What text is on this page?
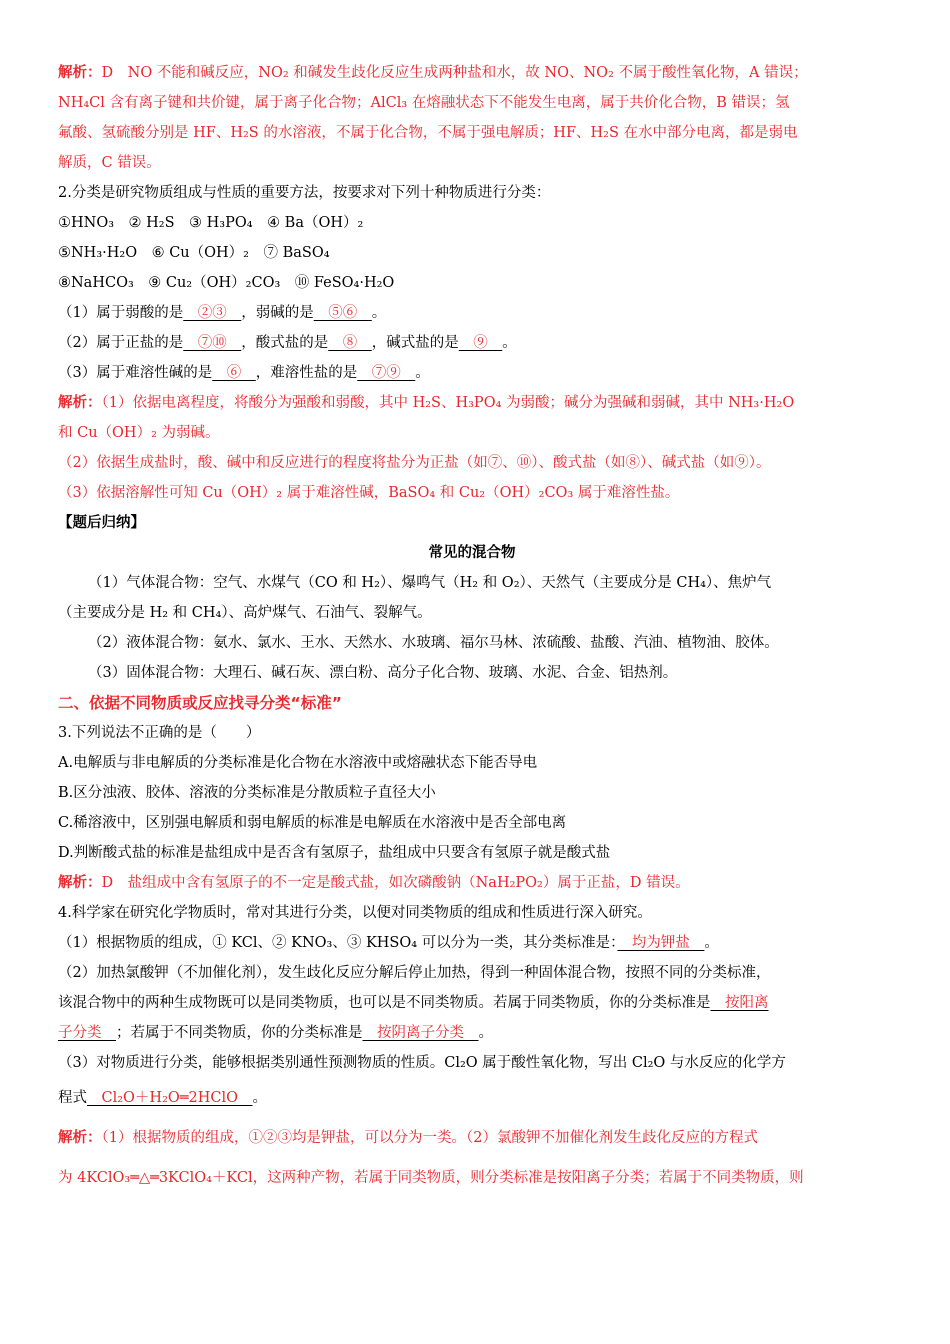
解析：D　NO 不能和碱反应，NO₂ 和碱发生歧化反应生成两种盐和水，故 NO、NO₂ 不属于酸性氧化物，A 错误；
NH₄Cl 含有离子键和共价键，属于离子化合物；AlCl₃ 在熔融状态下不能发生电离，属于共价化合物，B 错误；氢
氟酸、氢硫酸分别是 HF、H₂S 的水溶液，不属于化合物，不属于强电解质；HF、H₂S 在水中部分电离，都是弱电
解质，C 错误。
2.分类是研究物质组成与性质的重要方法，按要求对下列十种物质进行分类：
①HNO₃　② H₂S　③ H₃PO₄　④ Ba（OH）₂
⑤NH₃·H₂O　⑥ Cu（OH）₂　⑦ BaSO₄
⑧NaHCO₃　⑨ Cu₂（OH）₂CO₃　⑩ FeSO₄·H₂O
（1）属于弱酸的是　②③　，弱碱的是　⑤⑥　。
（2）属于正盐的是　⑦⑩　，酸式盐的是　⑧　，碱式盐的是　⑨　。
（3）属于难溶性碱的是　⑥　，难溶性盐的是　⑦⑨　。
解析：（1）依据电离程度，将酸分为强酸和弱酸，其中 H₂S、H₃PO₄ 为弱酸；碱分为强碱和弱碱，其中 NH₃·H₂O
和 Cu（OH）₂ 为弱碱。
（2）依据生成盐时，酸、碱中和反应进行的程度将盐分为正盐（如⑦、⑩）、酸式盐（如⑧）、碱式盐（如⑨）。
（3）依据溶解性可知 Cu（OH）₂ 属于难溶性碱，BaSO₄ 和 Cu₂（OH）₂CO₃ 属于难溶性盐。
【题后归纳】
常见的混合物
（1）气体混合物：空气、水煤气（CO 和 H₂）、爆鸣气（H₂ 和 O₂）、天然气（主要成分是 CH₄）、焦炉气
（主要成分是 H₂ 和 CH₄）、高炉煤气、石油气、裂解气。
（2）液体混合物：氨水、氯水、王水、天然水、水玻璃、福尔马林、浓硫酸、盐酸、汽油、植物油、胶体。
（3）固体混合物：大理石、碱石灰、漂白粉、高分子化合物、玻璃、水泥、合金、铝热剂。
二、依据不同物质或反应找寻分类“标准”
3.下列说法不正确的是（　　）
A.电解质与非电解质的分类标准是化合物在水溶液中或熔融状态下能否导电
B.区分浊液、胶体、溶液的分类标准是分散质粒子直径大小
C.稀溶液中，区别强电解质和弱电解质的标准是电解质在水溶液中是否全部电离
D.判断酸式盐的标准是盐组成中是否含有氢原子，盐组成中只要含有氢原子就是酸式盐
解析：D　盐组成中含有氢原子的不一定是酸式盐，如次磷酸钠（NaH₂PO₂）属于正盐，D 错误。
4.科学家在研究化学物质时，常对其进行分类，以便对同类物质的组成和性质进行深入研究。
（1）根据物质的组成，① KCl、② KNO₃、③ KHSO₄ 可以分为一类，其分类标准是：　均为钾盐　。
（2）加热氯酸钾（不加催化剂），发生歧化反应分解后停止加热，得到一种固体混合物，按照不同的分类标准，
该混合物中的两种生成物既可以是同类物质，也可以是不同类物质。若属于同类物质，你的分类标准是　按阳离
子分类　；若属于不同类物质，你的分类标准是　按阴离子分类　。
（3）对物质进行分类，能够根据类别通性预测物质的性质。Cl₂O 属于酸性氧化物，写出 Cl₂O 与水反应的化学方
程式　Cl₂O＋H₂O═2HClO　。
解析：（1）根据物质的组成，①②③均是钾盐，可以分为一类。（2）氯酸钾不加催化剂发生歧化反应的方程式
为 4KClO₃═△═3KClO₄＋KCl，这两种产物，若属于同类物质，则分类标准是按阳离子分类；若属于不同类物质，则
